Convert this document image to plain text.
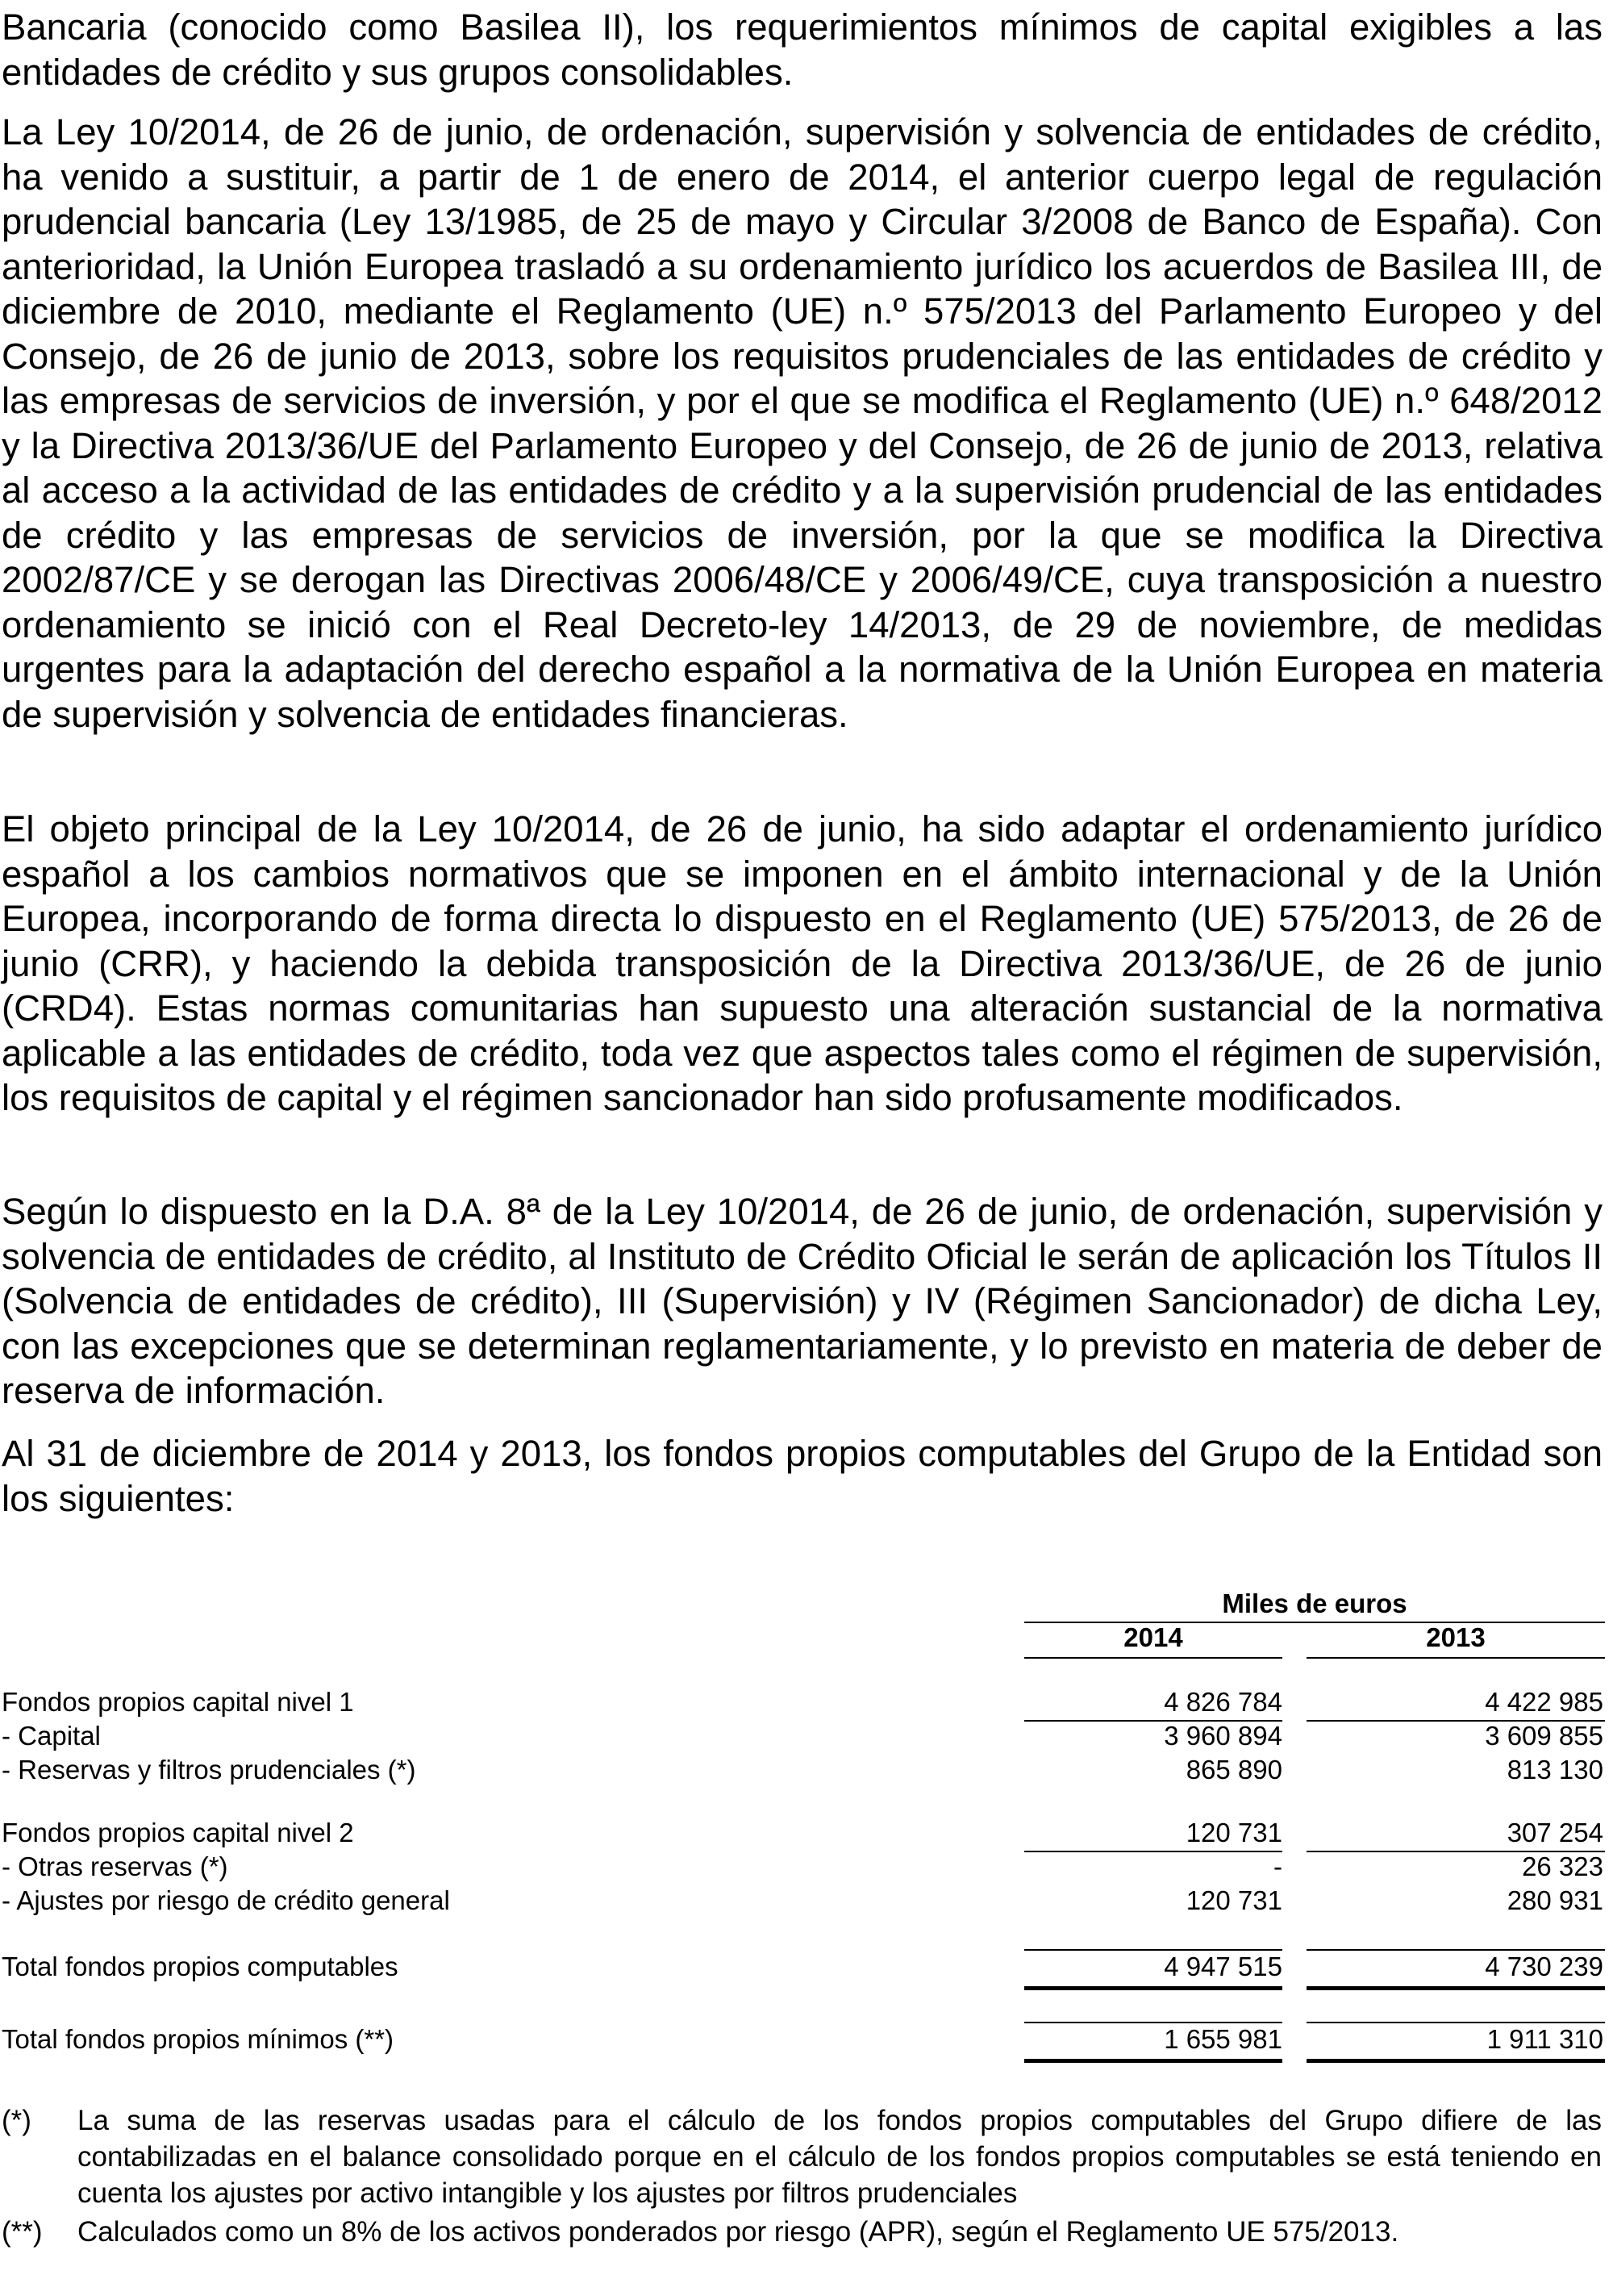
Bancaria (conocido como Basilea II), los requerimientos mínimos de capital exigibles a las entidades de crédito y sus grupos consolidables.

La Ley 10/2014, de 26 de junio, de ordenación, supervisión y solvencia de entidades de crédito, ha venido a sustituir, a partir de 1 de enero de 2014, el anterior cuerpo legal de regulación prudencial bancaria (Ley 13/1985, de 25 de mayo y Circular 3/2008 de Banco de España). Con anterioridad, la Unión Europea trasladó a su ordenamiento jurídico los acuerdos de Basilea III, de diciembre de 2010, mediante el Reglamento (UE) n.º 575/2013 del Parlamento Europeo y del Consejo, de 26 de junio de 2013, sobre los requisitos prudenciales de las entidades de crédito y las empresas de servicios de inversión, y por el que se modifica el Reglamento (UE) n.º 648/2012 y la Directiva 2013/36/UE del Parlamento Europeo y del Consejo, de 26 de junio de 2013, relativa al acceso a la actividad de las entidades de crédito y a la supervisión prudencial de las entidades de crédito y las empresas de servicios de inversión, por la que se modifica la Directiva 2002/87/CE y se derogan las Directivas 2006/48/CE y 2006/49/CE, cuya transposición a nuestro ordenamiento se inició con el Real Decreto-ley 14/2013, de 29 de noviembre, de medidas urgentes para la adaptación del derecho español a la normativa de la Unión Europea en materia de supervisión y solvencia de entidades financieras.

El objeto principal de la Ley 10/2014, de 26 de junio, ha sido adaptar el ordenamiento jurídico español a los cambios normativos que se imponen en el ámbito internacional y de la Unión Europea, incorporando de forma directa lo dispuesto en el Reglamento (UE) 575/2013, de 26 de junio (CRR), y haciendo la debida transposición de la Directiva 2013/36/UE, de 26 de junio (CRD4). Estas normas comunitarias han supuesto una alteración sustancial de la normativa aplicable a las entidades de crédito, toda vez que aspectos tales como el régimen de supervisión, los requisitos de capital y el régimen sancionador han sido profusamente modificados.

Según lo dispuesto en la D.A. 8ª de la Ley 10/2014, de 26 de junio, de ordenación, supervisión y solvencia de entidades de crédito, al Instituto de Crédito Oficial le serán de aplicación los Títulos II (Solvencia de entidades de crédito), III (Supervisión) y IV (Régimen Sancionador) de dicha Ley, con las excepciones que se determinan reglamentariamente, y lo previsto en materia de deber de reserva de información.

Al 31 de diciembre de 2014 y 2013, los fondos propios computables del Grupo de la Entidad son los siguientes:

Miles de euros
2014	2013
Fondos propios capital nivel 1	4 826 784	4 422 985
- Capital	3 960 894	3 609 855
- Reservas y filtros prudenciales (*)	865 890	813 130
Fondos propios capital nivel 2	120 731	307 254
- Otras reservas (*)	-	26 323
- Ajustes por riesgo de crédito general	120 731	280 931
Total fondos propios computables	4 947 515	4 730 239
Total fondos propios mínimos (**)	1 655 981	1 911 310
(*) La suma de las reservas usadas para el cálculo de los fondos propios computables del Grupo difiere de las contabilizadas en el balance consolidado porque en el cálculo de los fondos propios computables se está teniendo en cuenta los ajustes por activo intangible y los ajustes por filtros prudenciales
(**) Calculados como un 8% de los activos ponderados por riesgo (APR), según el Reglamento UE 575/2013.
